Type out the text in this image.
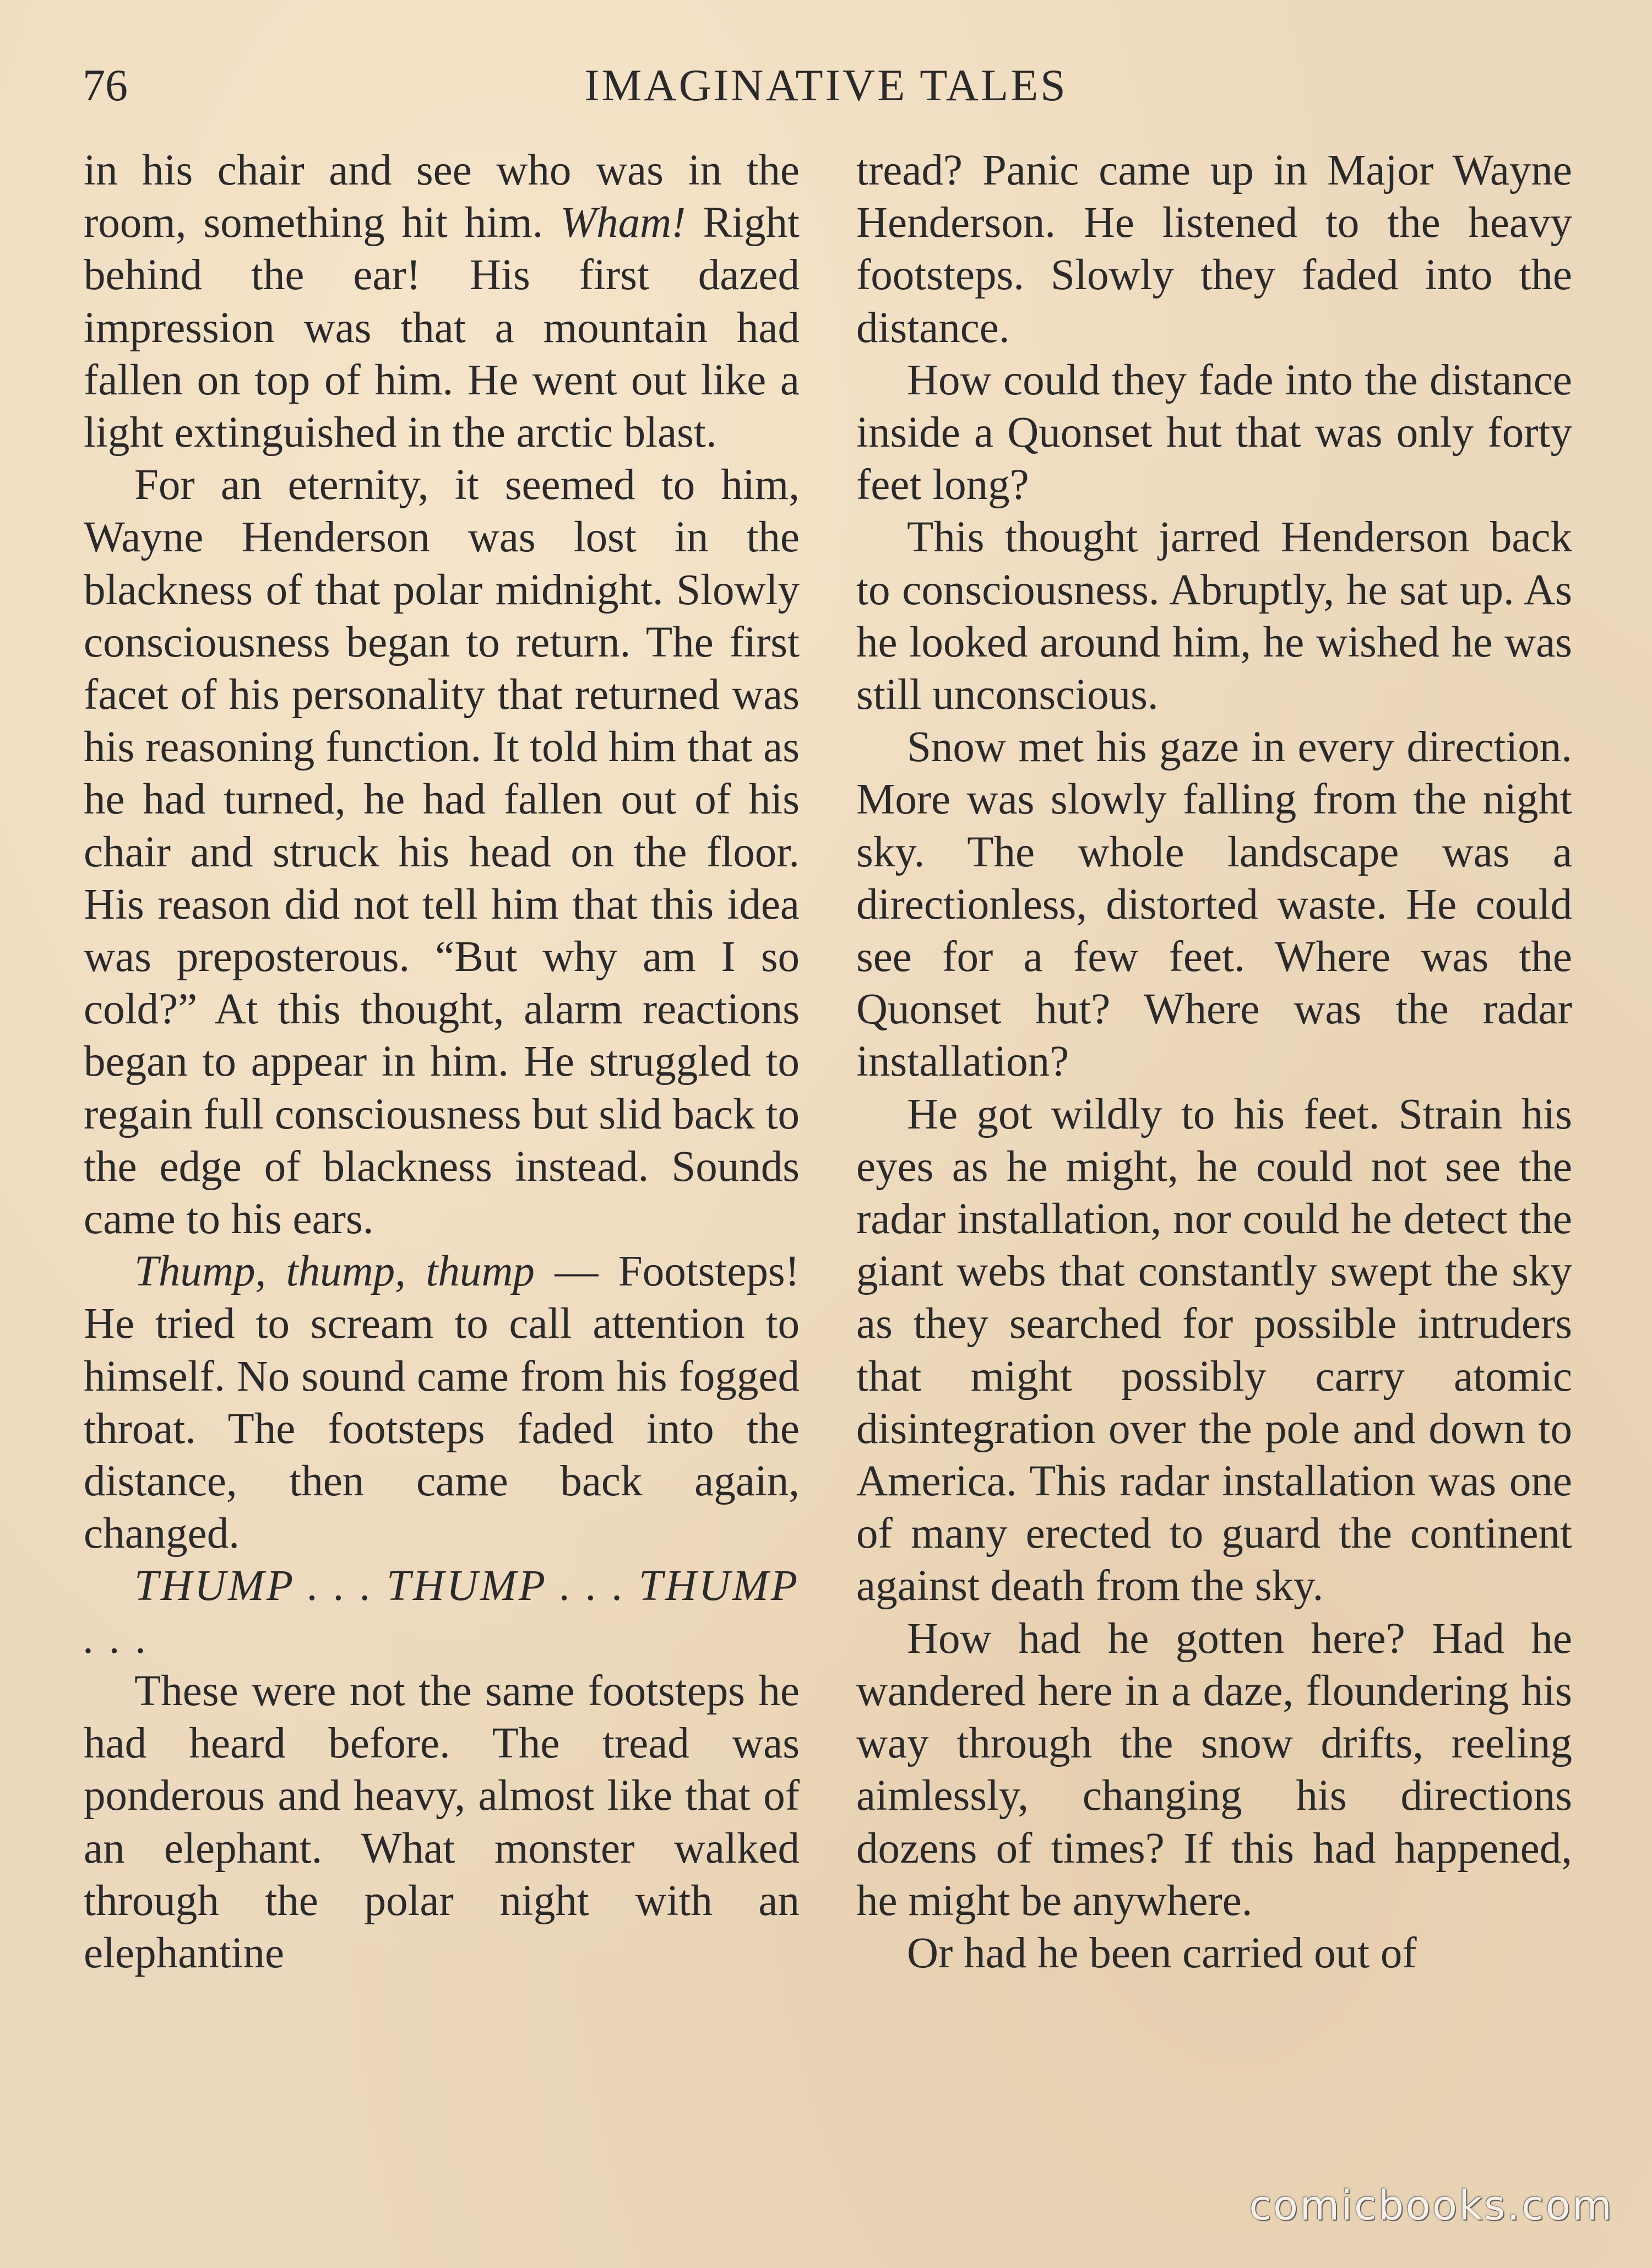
76	IMAGINATIVE TALES

in his chair and see who was in the room, something hit him. Wham! Right behind the ear! His first dazed impression was that a mountain had fallen on top of him. He went out like a light extinguished in the arctic blast.

For an eternity, it seemed to him, Wayne Henderson was lost in the blackness of that polar midnight. Slowly consciousness began to return. The first facet of his personality that returned was his reasoning function. It told him that as he had turned, he had fallen out of his chair and struck his head on the floor. His reason did not tell him that this idea was preposterous. “But why am I so cold?” At this thought, alarm reactions began to appear in him. He struggled to regain full consciousness but slid back to the edge of blackness instead. Sounds came to his ears.

Thump, thump, thump — Footsteps! He tried to scream to call attention to himself. No sound came from his fogged throat. The footsteps faded into the distance, then came back again, changed.

THUMP . . . THUMP . . . THUMP . . .

These were not the same footsteps he had heard before. The tread was ponderous and heavy, almost like that of an elephant. What monster walked through the polar night with an elephantine

tread? Panic came up in Major Wayne Henderson. He listened to the heavy footsteps. Slowly they faded into the distance.

How could they fade into the distance inside a Quonset hut that was only forty feet long?

This thought jarred Henderson back to consciousness. Abruptly, he sat up. As he looked around him, he wished he was still unconscious.

Snow met his gaze in every direction. More was slowly falling from the night sky. The whole landscape was a directionless, distorted waste. He could see for a few feet. Where was the Quonset hut? Where was the radar installation?

He got wildly to his feet. Strain his eyes as he might, he could not see the radar installation, nor could he detect the giant webs that constantly swept the sky as they searched for possible intruders that might possibly carry atomic disintegration over the pole and down to America. This radar installation was one of many erected to guard the continent against death from the sky.

How had he gotten here? Had he wandered here in a daze, floundering his way through the snow drifts, reeling aimlessly, changing his directions dozens of times? If this had happened, he might be anywhere.

Or had he been carried out of

comicbooks.com
